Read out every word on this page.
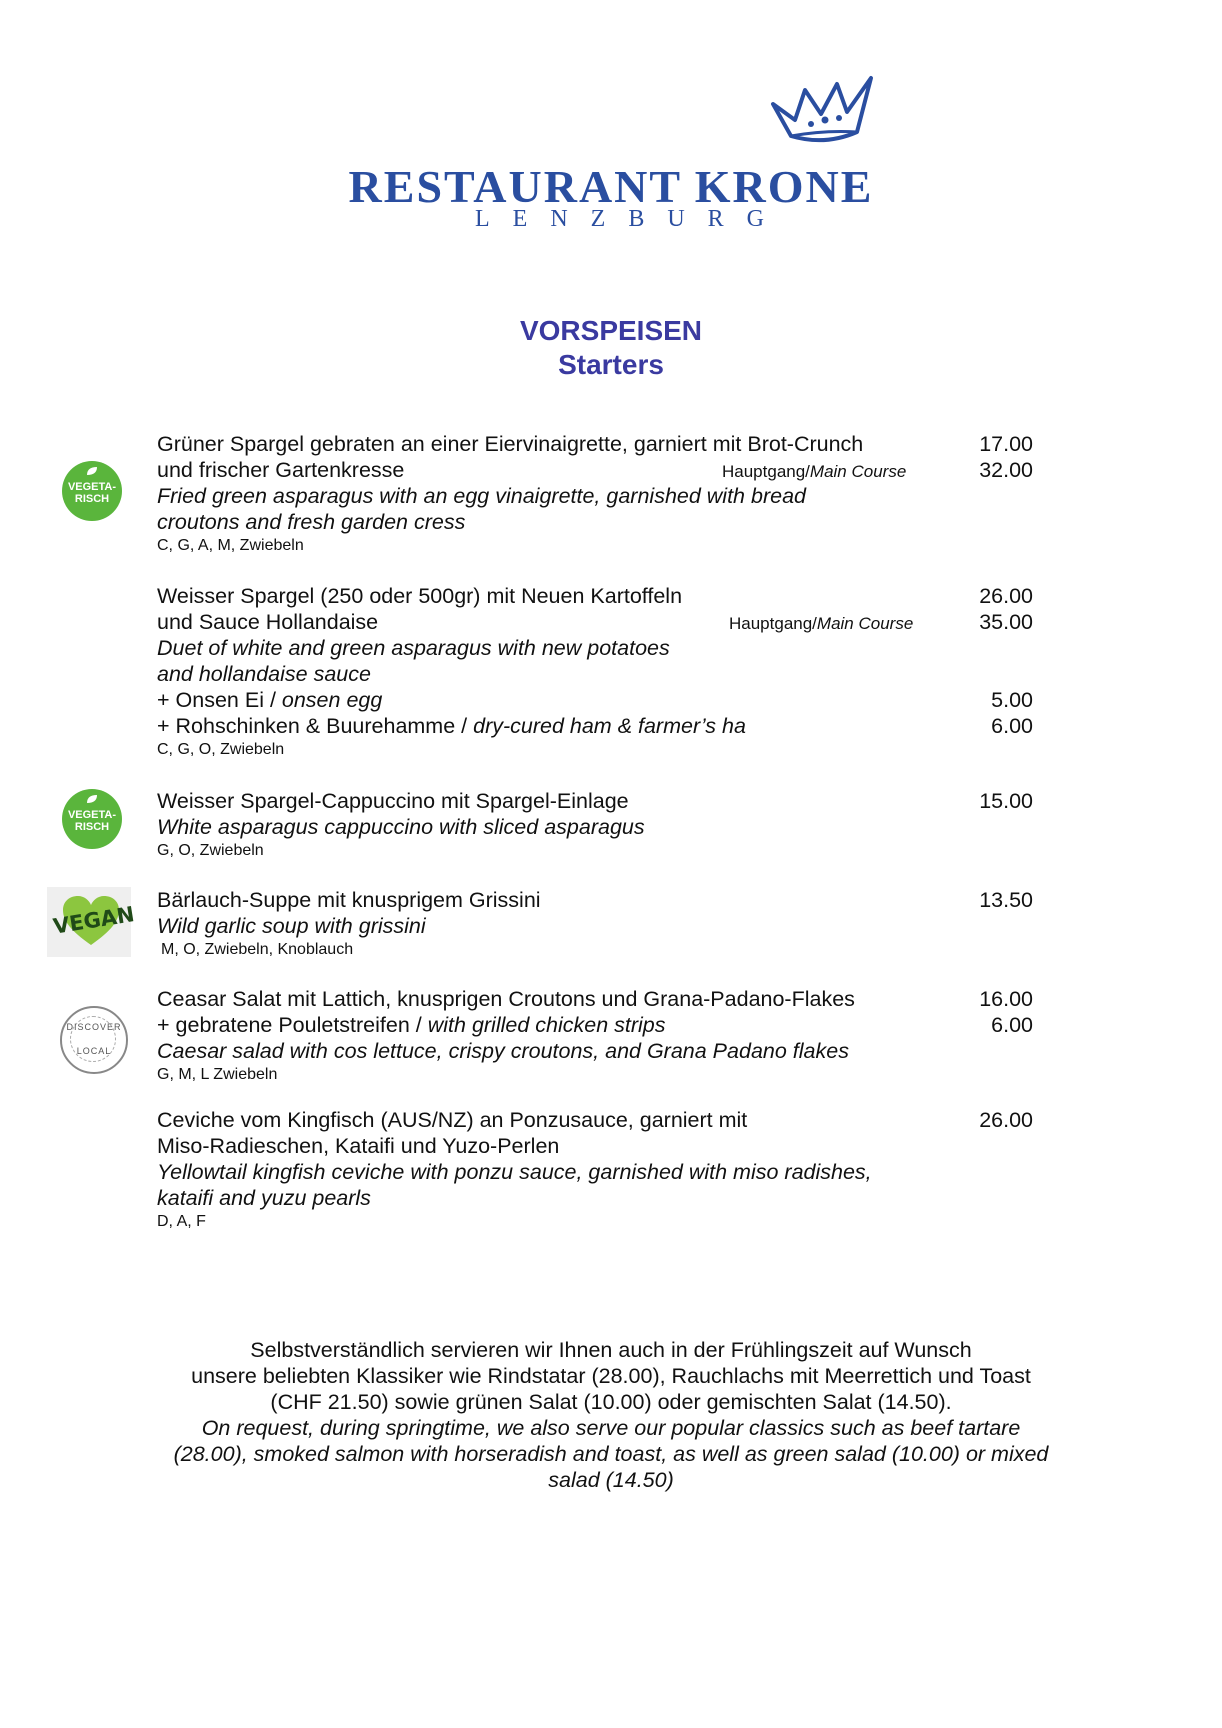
RESTAURANT KRONE
LENZBURG
VORSPEISEN
Starters
VEGETA-RISCH
VEGETA-RISCH
VEGAN
DISCOVER
LOCAL
Grüner Spargel gebraten an einer Eiervinaigrette, garniert mit Brot-Crunch	17.00
und frischer Gartenkresse	Hauptgang/Main Course	32.00
Fried green asparagus with an egg vinaigrette, garnished with bread
croutons and fresh garden cress
C, G, A, M, Zwiebeln
Weisser Spargel (250 oder 500gr) mit Neuen Kartoffeln	26.00
und Sauce Hollandaise	Hauptgang/Main Course	35.00
Duet of white and green asparagus with new potatoes
and hollandaise sauce
+ Onsen Ei / onsen egg	5.00
+ Rohschinken & Buurehamme / dry-cured ham & farmer’s ha	6.00
C, G, O, Zwiebeln
Weisser Spargel-Cappuccino mit Spargel-Einlage	15.00
White asparagus cappuccino with sliced asparagus
G, O, Zwiebeln
Bärlauch-Suppe mit knusprigem Grissini	13.50
Wild garlic soup with grissini
M, O, Zwiebeln, Knoblauch
Ceasar Salat mit Lattich, knusprigen Croutons und Grana-Padano-Flakes	16.00
+ gebratene Pouletstreifen / with grilled chicken strips	6.00
Caesar salad with cos lettuce, crispy croutons, and Grana Padano flakes
G, M, L Zwiebeln
Ceviche vom Kingfisch (AUS/NZ) an Ponzusauce, garniert mit	26.00
Miso-Radieschen, Kataifi und Yuzo-Perlen
Yellowtail kingfish ceviche with ponzu sauce, garnished with miso radishes,
kataifi and yuzu pearls
D, A, F
Selbstverständlich servieren wir Ihnen auch in der Frühlingszeit auf Wunsch
unsere beliebten Klassiker wie Rindstatar (28.00), Rauchlachs mit Meerrettich und Toast
(CHF 21.50) sowie grünen Salat (10.00) oder gemischten Salat (14.50).
On request, during springtime, we also serve our popular classics such as beef tartare
(28.00), smoked salmon with horseradish and toast, as well as green salad (10.00) or mixed
salad (14.50)
